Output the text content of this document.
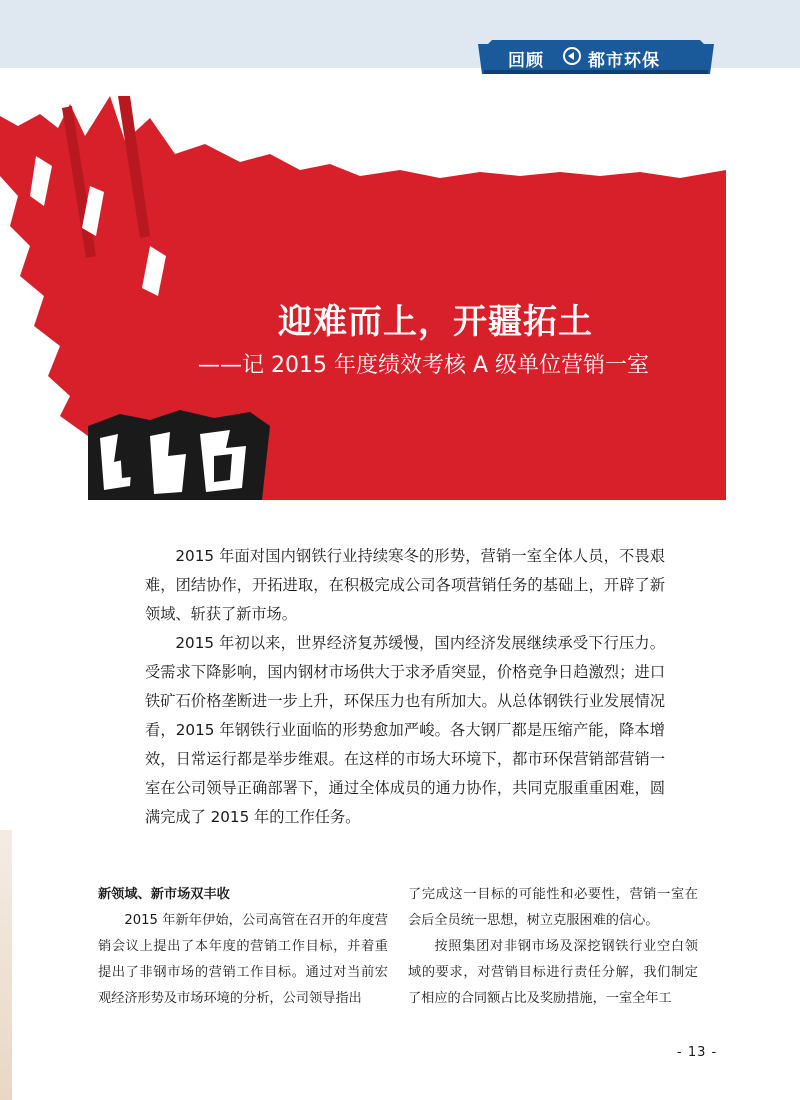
回顾	都市环保
迎难而上，开疆拓土
——记 2015 年度绩效考核 A 级单位营销一室

2015 年面对国内钢铁行业持续寒冬的形势，营销一室全体人员，不畏艰难，团结协作，开拓进取，在积极完成公司各项营销任务的基础上，开辟了新领域、斩获了新市场。

2015 年初以来，世界经济复苏缓慢，国内经济发展继续承受下行压力。受需求下降影响，国内钢材市场供大于求矛盾突显，价格竞争日趋激烈；进口铁矿石价格垄断进一步上升，环保压力也有所加大。从总体钢铁行业发展情况看，2015 年钢铁行业面临的形势愈加严峻。各大钢厂都是压缩产能，降本增效，日常运行都是举步维艰。在这样的市场大环境下，都市环保营销部营销一室在公司领导正确部署下，通过全体成员的通力协作，共同克服重重困难，圆满完成了 2015 年的工作任务。

新领域、新市场双丰收

2015 年新年伊始，公司高管在召开的年度营销会议上提出了本年度的营销工作目标，并着重提出了非钢市场的营销工作目标。通过对当前宏观经济形势及市场环境的分析，公司领导指出

了完成这一目标的可能性和必要性，营销一室在会后全员统一思想，树立克服困难的信心。

按照集团对非钢市场及深挖钢铁行业空白领域的要求，对营销目标进行责任分解，我们制定了相应的合同额占比及奖励措施，一室全年工

- 13 -
